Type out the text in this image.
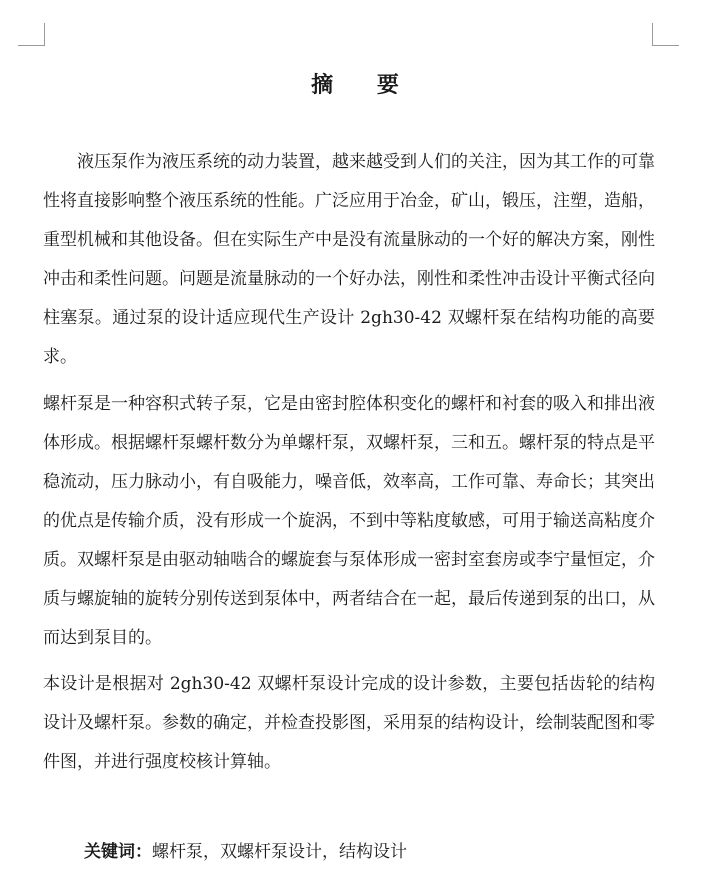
摘 要

液压泵作为液压系统的动力装置，越来越受到人们的关注，因为其工作的可靠性将直接影响整个液压系统的性能。广泛应用于冶金，矿山，锻压，注塑，造船，重型机械和其他设备。但在实际生产中是没有流量脉动的一个好的解决方案，刚性冲击和柔性问题。问题是流量脉动的一个好办法，刚性和柔性冲击设计平衡式径向柱塞泵。通过泵的设计适应现代生产设计 2gh30-42 双螺杆泵在结构功能的高要求。

螺杆泵是一种容积式转子泵，它是由密封腔体积变化的螺杆和衬套的吸入和排出液体形成。根据螺杆泵螺杆数分为单螺杆泵，双螺杆泵，三和五。螺杆泵的特点是平稳流动，压力脉动小，有自吸能力，噪音低，效率高，工作可靠、寿命长；其突出的优点是传输介质，没有形成一个旋涡，不到中等粘度敏感，可用于输送高粘度介质。双螺杆泵是由驱动轴啮合的螺旋套与泵体形成一密封室套房或李宁量恒定，介质与螺旋轴的旋转分别传送到泵体中，两者结合在一起，最后传递到泵的出口，从而达到泵目的。

本设计是根据对 2gh30-42 双螺杆泵设计完成的设计参数，主要包括齿轮的结构设计及螺杆泵。参数的确定，并检查投影图，采用泵的结构设计，绘制装配图和零件图，并进行强度校核计算轴。

关键词：螺杆泵，双螺杆泵设计，结构设计
